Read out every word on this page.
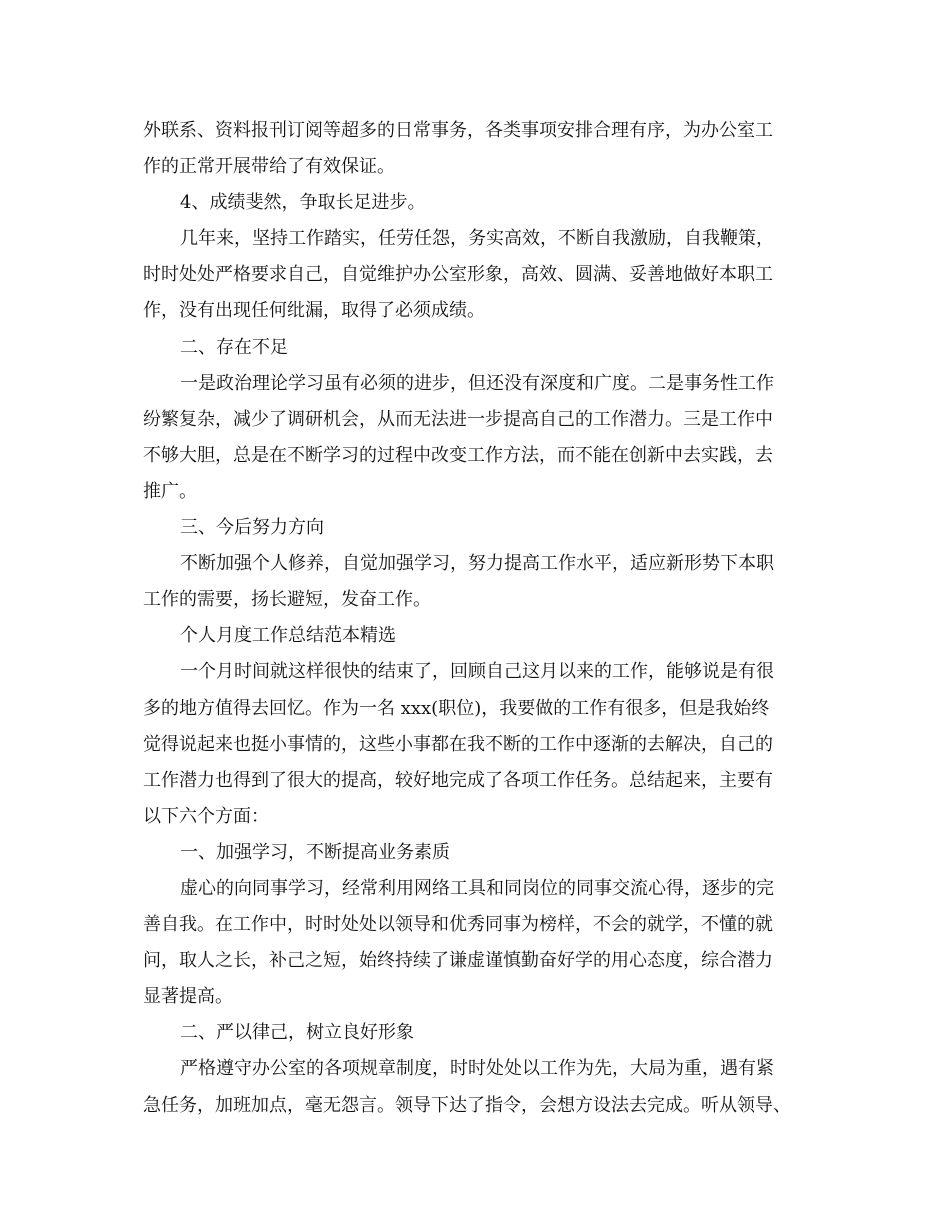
外联系、资料报刊订阅等超多的日常事务，各类事项安排合理有序，为办公室工
作的正常开展带给了有效保证。
4、成绩斐然，争取长足进步。
几年来，坚持工作踏实，任劳任怨，务实高效，不断自我激励，自我鞭策，
时时处处严格要求自己，自觉维护办公室形象，高效、圆满、妥善地做好本职工
作，没有出现任何纰漏，取得了必须成绩。
二、存在不足
一是政治理论学习虽有必须的进步，但还没有深度和广度。二是事务性工作
纷繁复杂，减少了调研机会，从而无法进一步提高自己的工作潜力。三是工作中
不够大胆，总是在不断学习的过程中改变工作方法，而不能在创新中去实践，去
推广。
三、今后努力方向
不断加强个人修养，自觉加强学习，努力提高工作水平，适应新形势下本职
工作的需要，扬长避短，发奋工作。
个人月度工作总结范本精选
一个月时间就这样很快的结束了，回顾自己这月以来的工作，能够说是有很
多的地方值得去回忆。作为一名 xxx(职位)，我要做的工作有很多，但是我始终
觉得说起来也挺小事情的，这些小事都在我不断的工作中逐渐的去解决，自己的
工作潜力也得到了很大的提高，较好地完成了各项工作任务。总结起来，主要有
以下六个方面：
一、加强学习，不断提高业务素质
虚心的向同事学习，经常利用网络工具和同岗位的同事交流心得，逐步的完
善自我。在工作中，时时处处以领导和优秀同事为榜样，不会的就学，不懂的就
问，取人之长，补己之短，始终持续了谦虚谨慎勤奋好学的用心态度，综合潜力
显著提高。
二、严以律己，树立良好形象
严格遵守办公室的各项规章制度，时时处处以工作为先，大局为重，遇有紧
急任务，加班加点，毫无怨言。领导下达了指令，会想方设法去完成。听从领导、
